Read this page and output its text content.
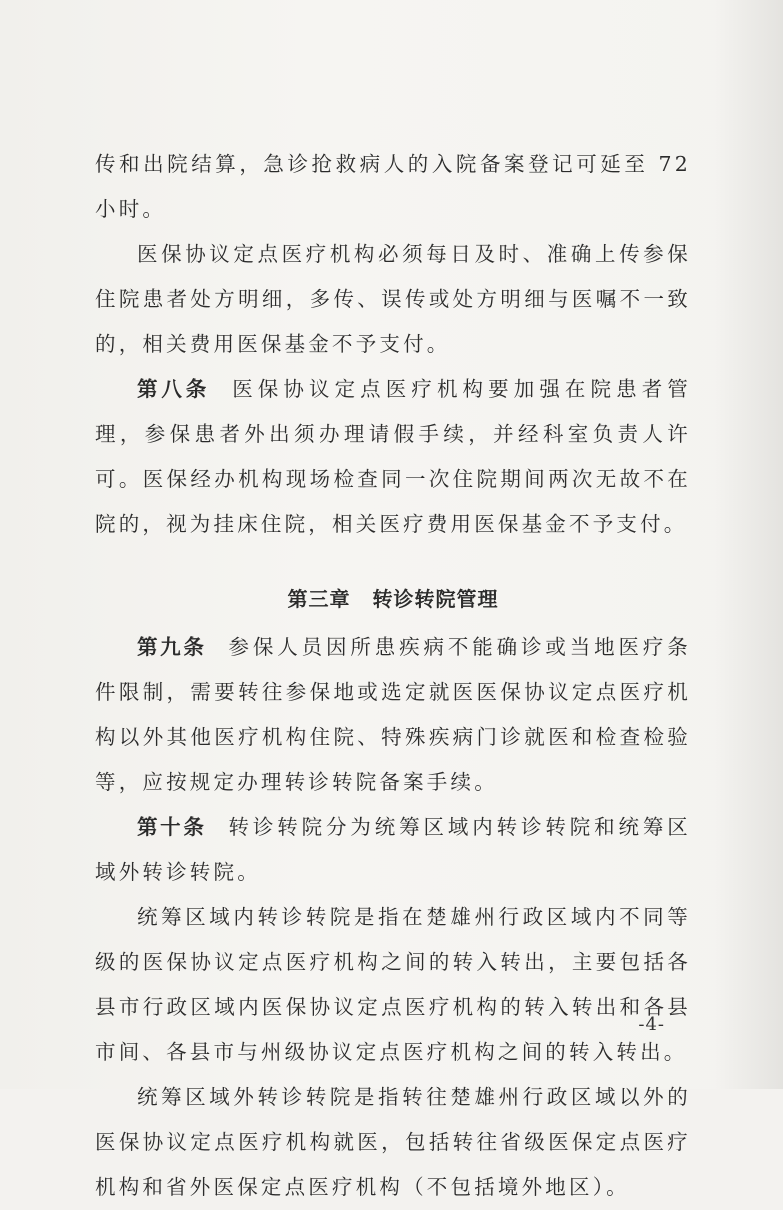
传和出院结算，急诊抢救病人的入院备案登记可延至 72 小时。

医保协议定点医疗机构必须每日及时、准确上传参保住院患者处方明细，多传、误传或处方明细与医嘱不一致的，相关费用医保基金不予支付。

第八条 医保协议定点医疗机构要加强在院患者管理，参保患者外出须办理请假手续，并经科室负责人许可。医保经办机构现场检查同一次住院期间两次无故不在院的，视为挂床住院，相关医疗费用医保基金不予支付。

第三章 转诊转院管理

第九条 参保人员因所患疾病不能确诊或当地医疗条件限制，需要转往参保地或选定就医医保协议定点医疗机构以外其他医疗机构住院、特殊疾病门诊就医和检查检验等，应按规定办理转诊转院备案手续。

第十条 转诊转院分为统筹区域内转诊转院和统筹区域外转诊转院。

统筹区域内转诊转院是指在楚雄州行政区域内不同等级的医保协议定点医疗机构之间的转入转出，主要包括各县市行政区域内医保协议定点医疗机构的转入转出和各县市间、各县市与州级协议定点医疗机构之间的转入转出。

统筹区域外转诊转院是指转往楚雄州行政区域以外的医保协议定点医疗机构就医，包括转往省级医保定点医疗机构和省外医保定点医疗机构（不包括境外地区）。

-4-
